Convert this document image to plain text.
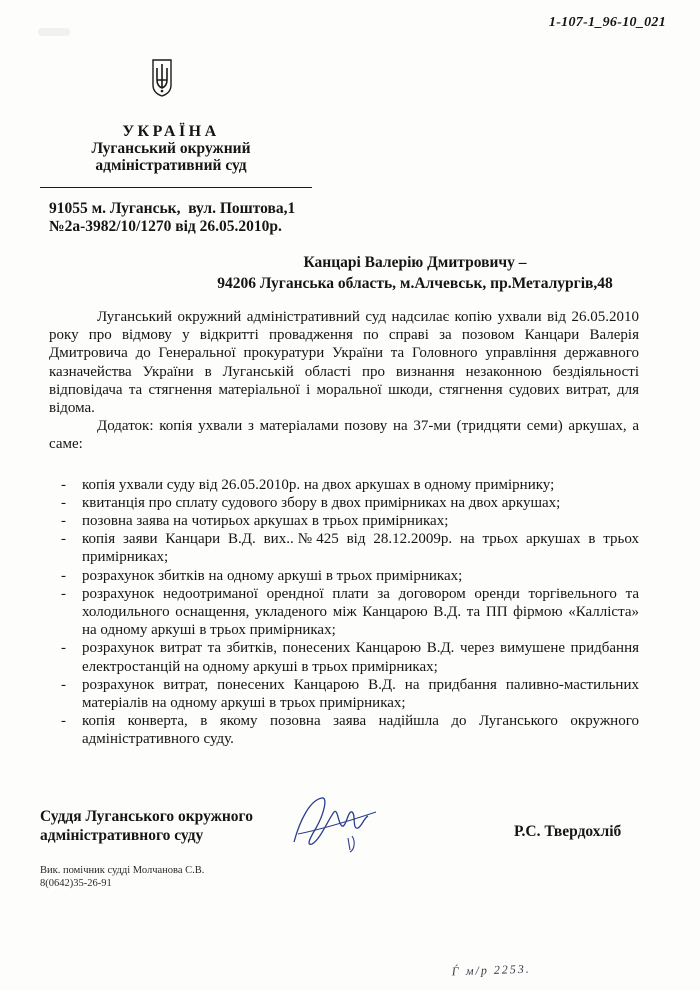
1-107-1_96-10_021
УКРАЇНА
Луганський окружний
адміністративний суд
91055 м. Луганськ,  вул. Поштова,1
№2а-3982/10/1270 від 26.05.2010р.
Канцарі Валерію Дмитровичу –
94206 Луганська область, м.Алчевськ, пр.Металургів,48

Луганський окружний адміністративний суд надсилає копію ухвали від 26.05.2010 року про відмову у відкритті провадження по справі за позовом Канцари Валерія Дмитровича до Генеральної прокуратури України та Головного управління державного казначейства України в Луганській області про визнання незаконною бездіяльності відповідача та стягнення матеріальної і моральної шкоди, стягнення судових витрат, для відома.

Додаток: копія ухвали з матеріалами позову на 37-ми (тридцяти семи) аркушах, а саме:

- копія ухвали суду від 26.05.2010р. на двох аркушах в одному примірнику;
- квитанція про сплату судового збору в двох примірниках на двох аркушах;
- позовна заява на чотирьох аркушах в трьох примірниках;
- копія заяви Канцари В.Д. вих..№425 від 28.12.2009р. на трьох аркушах в трьох примірниках;
- розрахунок збитків на одному аркуші в трьох примірниках;
- розрахунок недоотриманої орендної плати за договором оренди торгівельного та холодильного оснащення, укладеного між Канцарою В.Д. та ПП фірмою «Калліста» на одному аркуші в трьох примірниках;
- розрахунок витрат та збитків, понесених Канцарою В.Д. через вимушене придбання електростанцій на одному аркуші в трьох примірниках;
- розрахунок витрат, понесених Канцарою В.Д. на придбання паливно-мастильних матеріалів на одному аркуші в трьох примірниках;
- копія конверта, в якому позовна заява надійшла до Луганського окружного адміністративного суду.
Суддя Луганського окружного
адміністративного суду	Р.С. Твердохліб
Вик. помічник судді Молчанова С.В.
8(0642)35-26-91
Ѓ м/р 2253.
